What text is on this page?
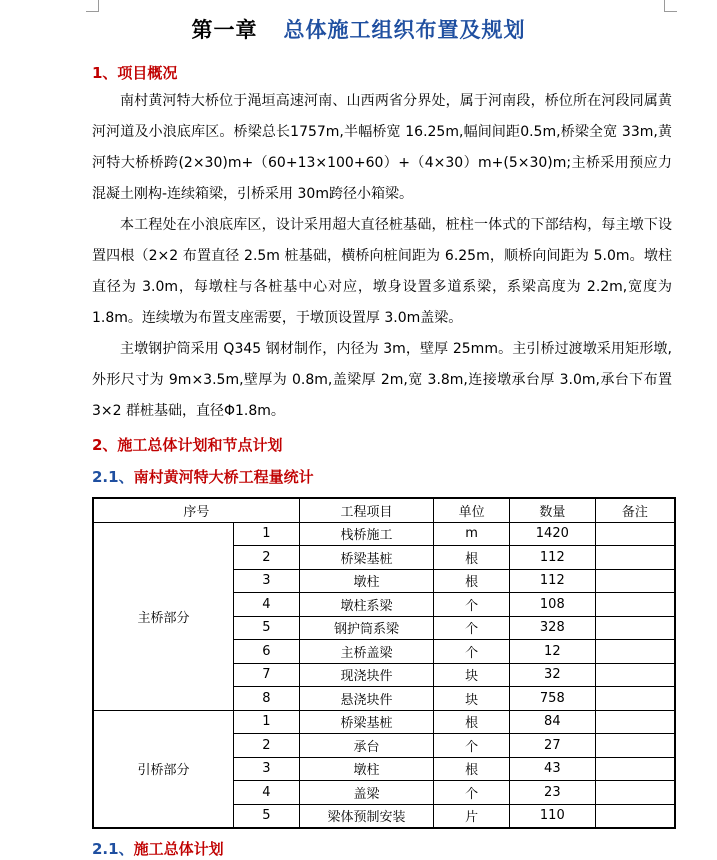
第一章 总体施工组织布置及规划
1、项目概况
南村黄河特大桥位于渑垣高速河南、山西两省分界处，属于河南段，桥位所在河段同属黄河河道及小浪底库区。桥梁总长1757m,半幅桥宽 16.25m,幅间间距0.5m,桥梁全宽 33m,黄河特大桥桥跨(2×30)m+（60+13×100+60）+（4×30）m+(5×30)m;主桥采用预应力混凝土刚构-连续箱梁，引桥采用 30m跨径小箱梁。
本工程处在小浪底库区，设计采用超大直径桩基础，桩柱一体式的下部结构，每主墩下设置四根（2×2 布置直径 2.5m 桩基础，横桥向桩间距为 6.25m，顺桥向间距为 5.0m。墩柱直径为 3.0m，每墩柱与各桩基中心对应，墩身设置多道系梁，系梁高度为 2.2m,宽度为 1.8m。连续墩为布置支座需要，于墩顶设置厚 3.0m盖梁。
主墩钢护筒采用 Q345 钢材制作，内径为 3m，壁厚 25mm。主引桥过渡墩采用矩形墩,外形尺寸为 9m×3.5m,壁厚为 0.8m,盖梁厚 2m,宽 3.8m,连接墩承台厚 3.0m,承台下布置 3×2 群桩基础，直径Φ1.8m。
2、施工总体计划和节点计划
2.1、南村黄河特大桥工程量统计
序号		工程项目	单位	数量	备注
主桥部分	1	栈桥施工	m	1420	
	2	桥梁基桩	根	112	
	3	墩柱	根	112	
	4	墩柱系梁	个	108	
	5	钢护筒系梁	个	328	
	6	主桥盖梁	个	12	
	7	现浇块件	块	32	
	8	悬浇块件	块	758	
引桥部分	1	桥梁基桩	根	84	
	2	承台	个	27	
	3	墩柱	根	43	
	4	盖梁	个	23	
	5	梁体预制安装	片	110	
2.1、施工总体计划
